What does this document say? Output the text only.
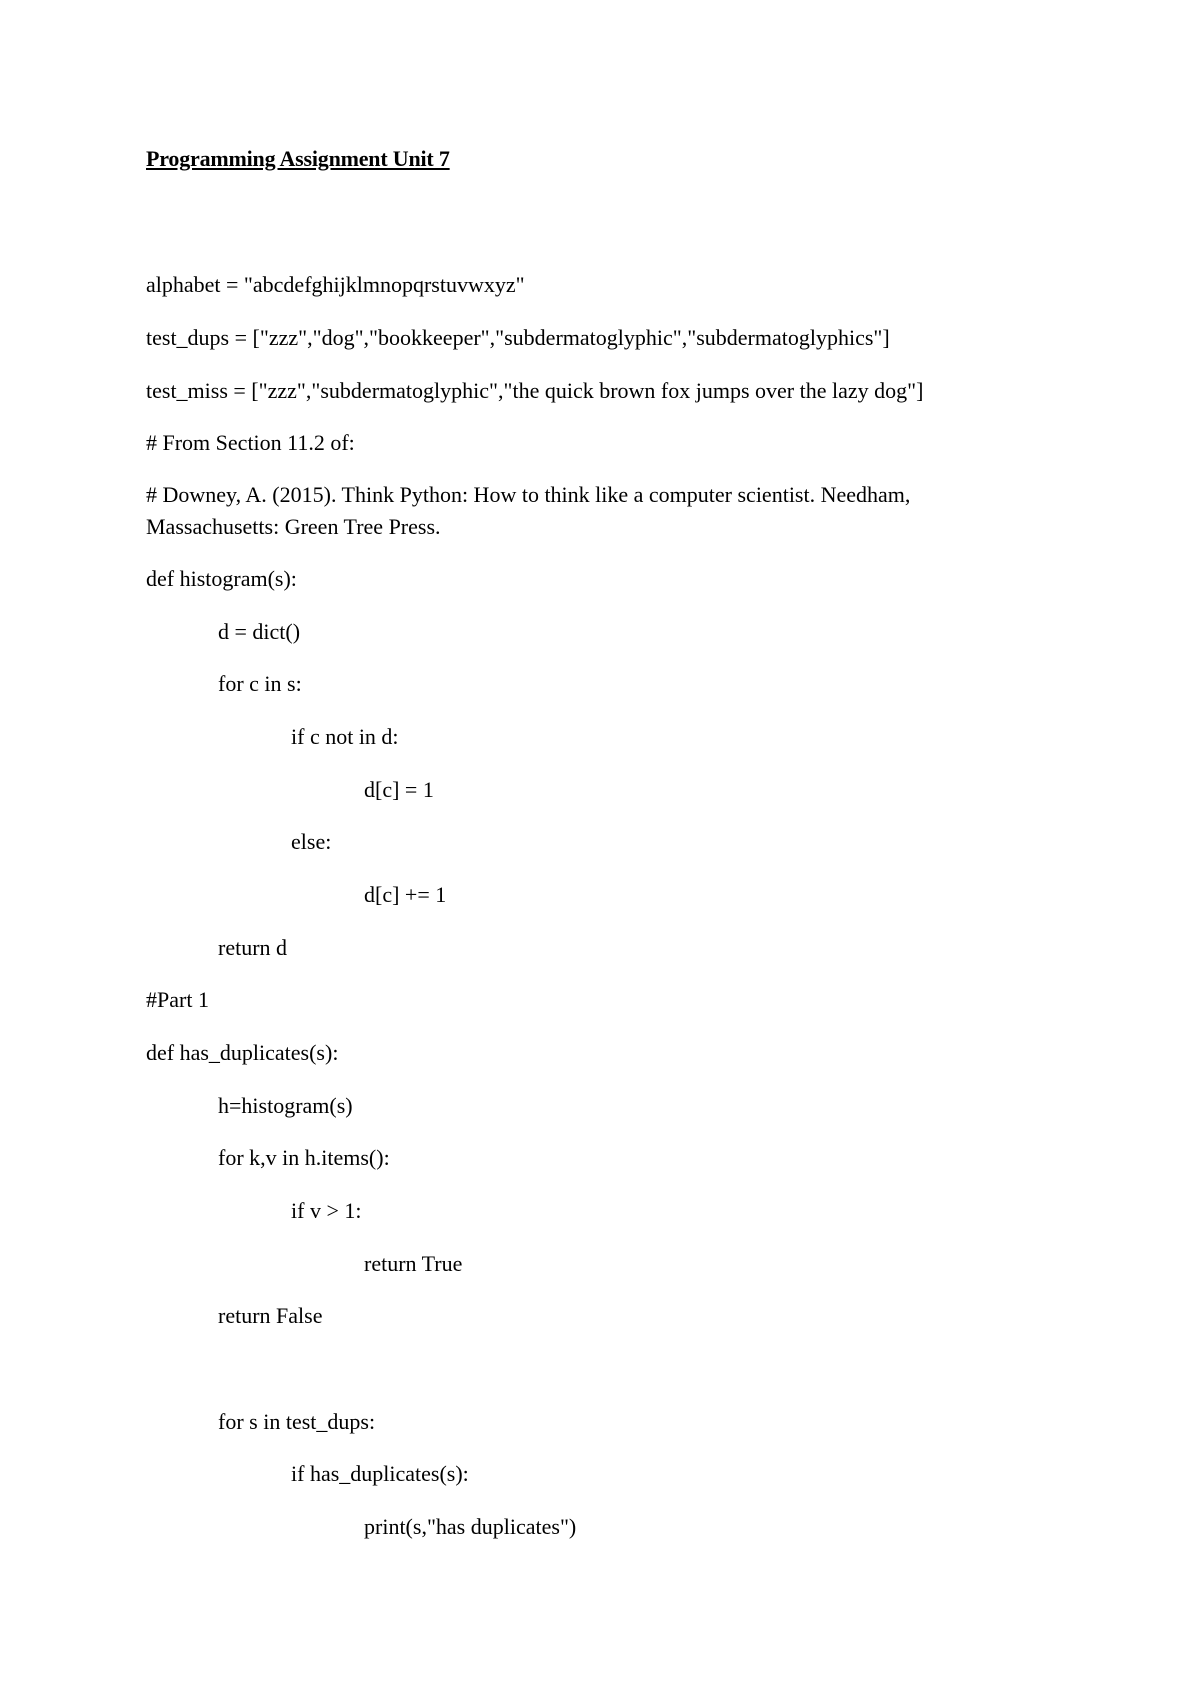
Programming Assignment Unit 7
alphabet = "abcdefghijklmnopqrstuvwxyz"
test_dups = ["zzz","dog","bookkeeper","subdermatoglyphic","subdermatoglyphics"]
test_miss = ["zzz","subdermatoglyphic","the quick brown fox jumps over the lazy dog"]
# From Section 11.2 of:
# Downey, A. (2015). Think Python: How to think like a computer scientist. Needham, Massachusetts: Green Tree Press.
def histogram(s):
d = dict()
for c in s:
if c not in d:
d[c] = 1
else:
d[c] += 1
return d
#Part 1
def has_duplicates(s):
h=histogram(s)
for k,v in h.items():
if v > 1:
return True
return False
for s in test_dups:
if has_duplicates(s):
print(s,"has duplicates")
